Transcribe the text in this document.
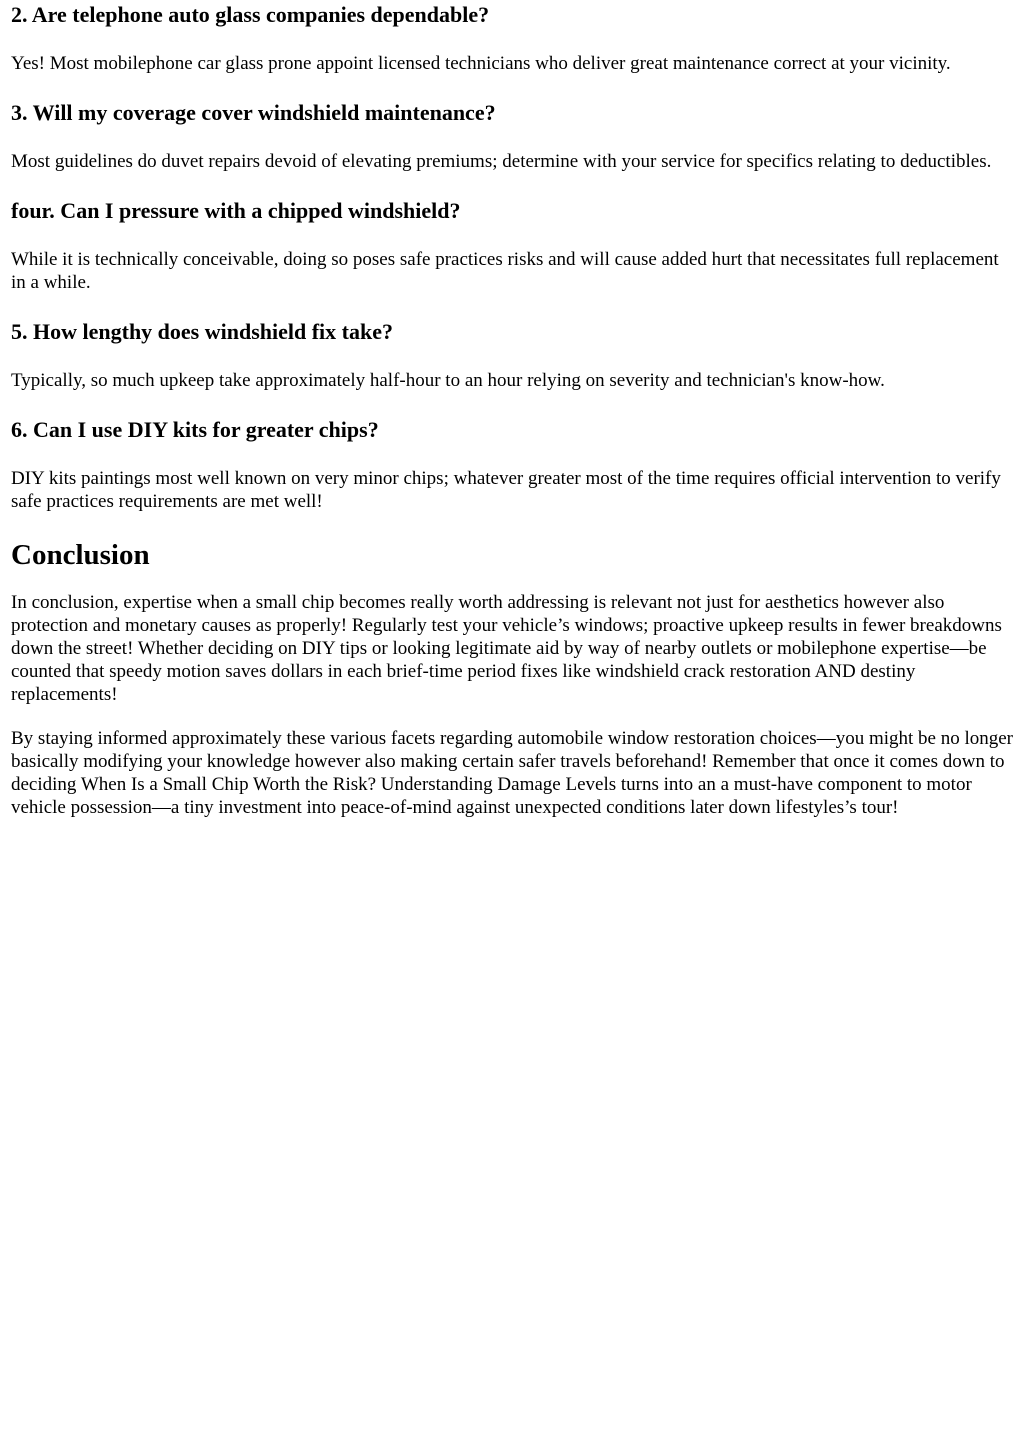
2. Are telephone auto glass companies dependable?

Yes! Most mobilephone car glass prone appoint licensed technicians who deliver great maintenance correct at your vicinity.

3. Will my coverage cover windshield maintenance?

Most guidelines do duvet repairs devoid of elevating premiums; determine with your service for specifics relating to deductibles.

four. Can I pressure with a chipped windshield?

While it is technically conceivable, doing so poses safe practices risks and will cause added hurt that necessitates full replacement in a while.

5. How lengthy does windshield fix take?

Typically, so much upkeep take approximately half-hour to an hour relying on severity and technician's know-how.

6. Can I use DIY kits for greater chips?

DIY kits paintings most well known on very minor chips; whatever greater most of the time requires official intervention to verify safe practices requirements are met well!

Conclusion

In conclusion, expertise when a small chip becomes really worth addressing is relevant not just for aesthetics however also protection and monetary causes as properly! Regularly test your vehicle’s windows; proactive upkeep results in fewer breakdowns down the street! Whether deciding on DIY tips or looking legitimate aid by way of nearby outlets or mobilephone expertise—be counted that speedy motion saves dollars in each brief-time period fixes like windshield crack restoration AND destiny replacements!

By staying informed approximately these various facets regarding automobile window restoration choices—you might be no longer basically modifying your knowledge however also making certain safer travels beforehand! Remember that once it comes down to deciding When Is a Small Chip Worth the Risk? Understanding Damage Levels turns into an a must-have component to motor vehicle possession—a tiny investment into peace-of-mind against unexpected conditions later down lifestyles’s tour!
